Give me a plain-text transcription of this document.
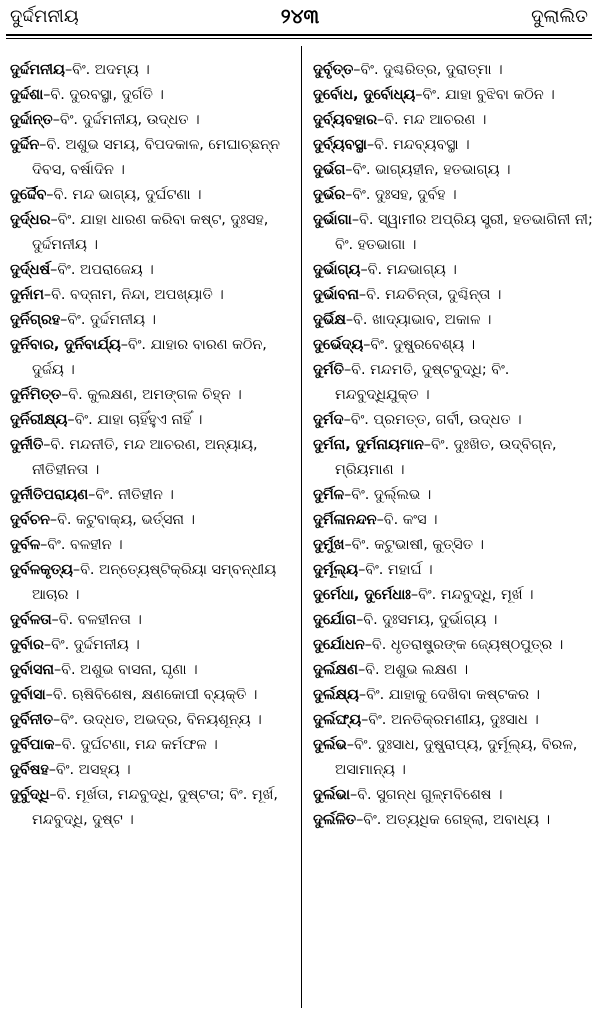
ଦୁର୍ଦ୍ଦମନୀୟ	୨୪୩	ଦୁଲାଲିତ
ଦୁର୍ଦ୍ଦମନୀୟ–ବିଂ. ଅଦମ୍ୟ ।
ଦୁର୍ଦ୍ଦଶା–ବି. ଦୁରବସ୍ଥା, ଦୁର୍ଗତି ।
ଦୁର୍ଦ୍ଦାନ୍ତ–ବିଂ. ଦୁର୍ଦ୍ଦମନୀୟ, ଉଦ୍ଧତ ।
ଦୁର୍ଦ୍ଦିନ–ବି. ଅଶୁଭ ସମୟ, ବିପଦକାଳ, ମେଘାଚ୍ଛନ୍ନ ଦିବସ, ବର୍ଷାଦିନ ।
ଦୁର୍ଦ୍ଦୈବ–ବି. ମନ୍ଦ ଭାଗ୍ୟ, ଦୁର୍ଘଟଣା ।
ଦୁର୍ଦ୍ଧର–ବିଂ. ଯାହା ଧାରଣ କରିବା କଷ୍ଟ, ଦୁଃସହ, ଦୁର୍ଦ୍ଦମନୀୟ ।
ଦୁର୍ଦ୍ଧର୍ଷ–ବିଂ. ଅପରାଜେୟ ।
ଦୁର୍ନାମ–ବି. ବଦ୍‌ନାମ, ନିନ୍ଦା, ଅପଖ୍ୟାତି ।
ଦୁର୍ନିଗ୍ରହ–ବିଂ. ଦୁର୍ଦ୍ଦମନୀୟ ।
ଦୁର୍ନିବାର, ଦୁର୍ନିବାର୍ଯ୍ୟ–ବିଂ. ଯାହାର ବାରଣ କଠିନ, ଦୁର୍ଜୟ ।
ଦୁର୍ନିମିତ୍ତ–ବି. କୁଲକ୍ଷଣ, ଅମଙ୍ଗଳ ଚିହ୍ନ ।
ଦୁର୍ନିରୀକ୍ଷ୍ୟ–ବିଂ. ଯାହା ଚାହିଁହୁଏ ନାହିଁ ।
ଦୁର୍ନୀତି–ବି. ମନ୍ଦନୀତି, ମନ୍ଦ ଆଚରଣ, ଅନ୍ୟାୟ, ନୀତିହୀନତା ।
ଦୁର୍ନୀତିପରାୟଣ–ବିଂ. ନୀତିହୀନ ।
ଦୁର୍ବଚନ–ବି. କଟୁବାକ୍ୟ, ଭର୍ତ୍ସନା ।
ଦୁର୍ବଳ–ବିଂ. ବଳହୀନ ।
ଦୁର୍ବଳକୃତ୍ୟ–ବି. ଅନ୍ତ୍ୟେଷ୍ଟିକ୍ରିୟା ସମ୍ବନ୍ଧୀୟ ଆଚାର ।
ଦୁର୍ବଳତା–ବି. ବଳହୀନତା ।
ଦୁର୍ବାର–ବିଂ. ଦୁର୍ଦ୍ଦମନୀୟ ।
ଦୁର୍ବାସନା–ବି. ଅଶୁଭ ବାସନା, ଘୃଣା ।
ଦୁର୍ବାସା–ବି. ଋଷିବିଶେଷ, କ୍ଷଣକୋପୀ ବ୍ୟକ୍ତି ।
ଦୁର୍ବିନୀତ–ବିଂ. ଉଦ୍ଧତ, ଅଭଦ୍ର, ବିନୟଶୂନ୍ୟ ।
ଦୁର୍ବିପାକ–ବି. ଦୁର୍ଘଟଣା, ମନ୍ଦ କର୍ମଫଳ ।
ଦୁର୍ବିଷହ–ବିଂ. ଅସହ୍ୟ ।
ଦୁର୍ବୁଦ୍ଧି–ବି. ମୂର୍ଖତା, ମନ୍ଦବୁଦ୍ଧି, ଦୁଷ୍ଟତା; ବିଂ. ମୂର୍ଖ, ମନ୍ଦବୁଦ୍ଧି, ଦୁଷ୍ଟ ।
ଦୁର୍ବୃତ୍ତ–ବିଂ. ଦୁଶ୍ଚରିତ୍ର, ଦୁରାତ୍ମା ।
ଦୁର୍ବୋଧ, ଦୁର୍ବୋଧ୍ୟ–ବିଂ. ଯାହା ବୁଝିବା କଠିନ ।
ଦୁର୍ବ୍ୟବହାର–ବି. ମନ୍ଦ ଆଚରଣ ।
ଦୁର୍ବ୍ୟବସ୍ଥା–ବି. ମନ୍ଦବ୍ୟବସ୍ଥା ।
ଦୁର୍ଭଗ–ବିଂ. ଭାଗ୍ୟହୀନ, ହତଭାଗ୍ୟ ।
ଦୁର୍ଭର–ବିଂ. ଦୁଃସହ, ଦୁର୍ବହ ।
ଦୁର୍ଭାଗା–ବି. ସ୍ୱାମୀର ଅପ୍ରିୟ ସ୍ତ୍ରୀ, ହତଭାଗିନୀ ନୀ; ବିଂ. ହତଭାଗା ।
ଦୁର୍ଭାଗ୍ୟ–ବି. ମନ୍ଦଭାଗ୍ୟ ।
ଦୁର୍ଭାବନା–ବି. ମନ୍ଦଚିନ୍ତା, ଦୁଶ୍ଚିନ୍ତା ।
ଦୁର୍ଭିକ୍ଷ–ବି. ଖାଦ୍ୟାଭାବ, ଅକାଳ ।
ଦୁର୍ଭେଦ୍ୟ–ବିଂ. ଦୁଷ୍ପ୍ରବେଶ୍ୟ ।
ଦୁର୍ମତି–ବି. ମନ୍ଦମତି, ଦୁଷ୍ଟବୁଦ୍ଧି; ବିଂ. ମନ୍ଦବୁଦ୍ଧିଯୁକ୍ତ ।
ଦୁର୍ମଦ–ବିଂ. ପ୍ରମତ୍ତ, ଗର୍ବୀ, ଉଦ୍ଧତ ।
ଦୁର୍ମନା, ଦୁର୍ମନାୟମାନ–ବିଂ. ଦୁଃଖିତ, ଉଦ୍‌ବିଗ୍ନ, ମ୍ରିୟମାଣ ।
ଦୁର୍ମିଳ–ବିଂ. ଦୁର୍ଲ୍ଲଭ ।
ଦୁର୍ମିଳାନନ୍ଦନ–ବି. କଂସ ।
ଦୁର୍ମୁଖ–ବିଂ. କଟୁଭାଷୀ, କୁତ୍ସିତ ।
ଦୁର୍ମୂଲ୍ୟ–ବିଂ. ମହାର୍ଘ ।
ଦୁର୍ମେଧା, ଦୁର୍ମେଧାଃ–ବିଂ. ମନ୍ଦବୁଦ୍ଧି, ମୂର୍ଖ ।
ଦୁର୍ଯୋଗ–ବି. ଦୁଃସମୟ, ଦୁର୍ଭାଗ୍ୟ ।
ଦୁର୍ଯୋଧନ–ବି. ଧୃତରାଷ୍ଟ୍ରଙ୍କ ଜ୍ୟେଷ୍ଠପୁତ୍ର ।
ଦୁର୍ଲକ୍ଷଣ–ବି. ଅଶୁଭ ଲକ୍ଷଣ ।
ଦୁର୍ଲକ୍ଷ୍ୟ–ବିଂ. ଯାହାକୁ ଦେଖିବା କଷ୍ଟକର ।
ଦୁର୍ଲଙ୍ଘ୍ୟ–ବିଂ. ଅନତିକ୍ରମଣୀୟ, ଦୁଃସାଧ ।
ଦୁର୍ଲଭ–ବିଂ. ଦୁଃସାଧ, ଦୁଷ୍ପ୍ରାପ୍ୟ, ଦୁର୍ମୂଲ୍ୟ, ବିରଳ, ଅସାମାନ୍ୟ ।
ଦୁର୍ଲଭା–ବି. ସୁଗନ୍ଧ ଗୁଳ୍ମବିଶେଷ ।
ଦୁର୍ଲଳିତ–ବିଂ. ଅତ୍ୟଧିକ ଗେହ୍ଲା, ଅବାଧ୍ୟ ।
